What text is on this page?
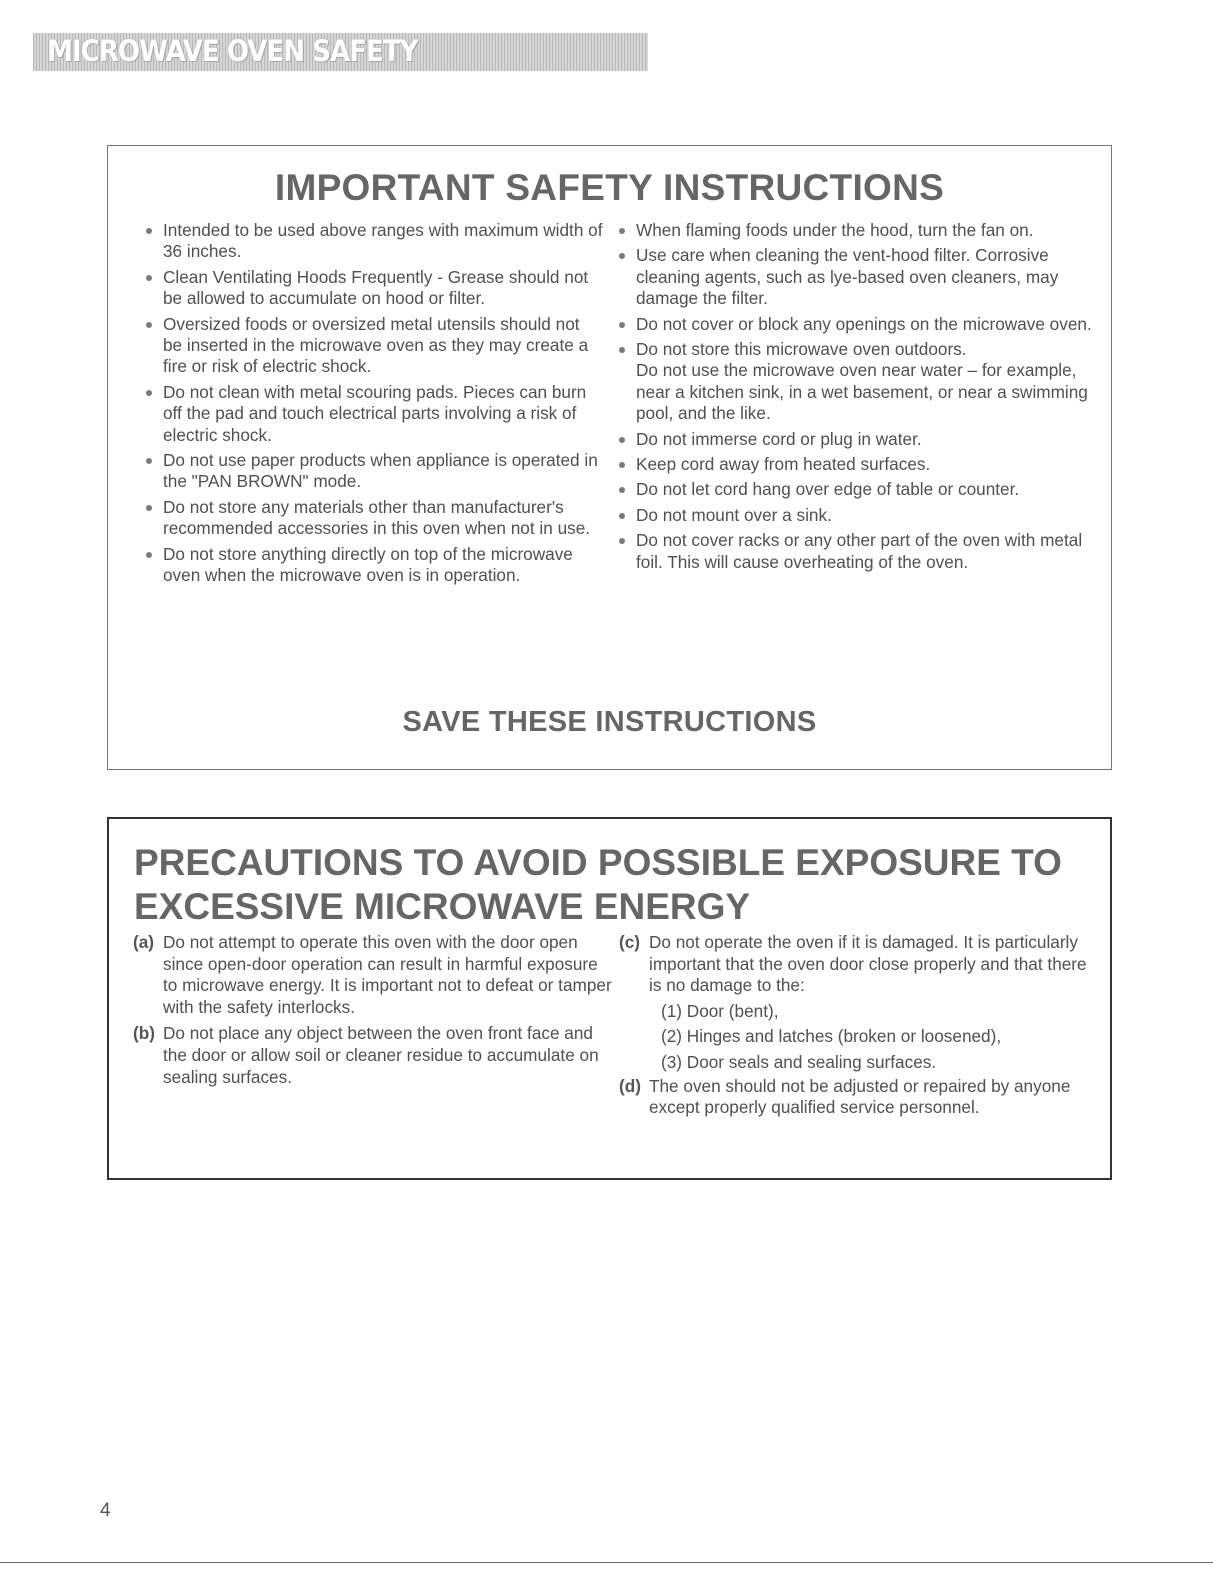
MICROWAVE OVEN SAFETY
IMPORTANT SAFETY INSTRUCTIONS
Intended to be used above ranges with maximum width of 36 inches.
Clean Ventilating Hoods Frequently - Grease should not be allowed to accumulate on hood or filter.
Oversized foods or oversized metal utensils should not be inserted in the microwave oven as they may create a fire or risk of electric shock.
Do not clean with metal scouring pads. Pieces can burn off the pad and touch electrical parts involving a risk of electric shock.
Do not use paper products when appliance is operated in the "PAN BROWN" mode.
Do not store any materials other than manufacturer's recommended accessories in this oven when not in use.
Do not store anything directly on top of the microwave oven when the microwave oven is in operation.
When flaming foods under the hood, turn the fan on.
Use care when cleaning the vent-hood filter. Corrosive cleaning agents, such as lye-based oven cleaners, may damage the filter.
Do not cover or block any openings on the microwave oven.
Do not store this microwave oven outdoors.
Do not use the microwave oven near water – for example, near a kitchen sink, in a wet basement, or near a swimming pool, and the like.
Do not immerse cord or plug in water.
Keep cord away from heated surfaces.
Do not let cord hang over edge of table or counter.
Do not mount over a sink.
Do not cover racks or any other part of the oven with metal foil. This will cause overheating of the oven.
SAVE THESE INSTRUCTIONS
PRECAUTIONS TO AVOID POSSIBLE EXPOSURE TO EXCESSIVE MICROWAVE ENERGY
(a) Do not attempt to operate this oven with the door open since open-door operation can result in harmful exposure to microwave energy. It is important not to defeat or tamper with the safety interlocks.
(b) Do not place any object between the oven front face and the door or allow soil or cleaner residue to accumulate on sealing surfaces.
(c) Do not operate the oven if it is damaged. It is particularly important that the oven door close properly and that there is no damage to the:
(1) Door (bent),
(2) Hinges and latches (broken or loosened),
(3) Door seals and sealing surfaces.
(d) The oven should not be adjusted or repaired by anyone except properly qualified service personnel.
4
